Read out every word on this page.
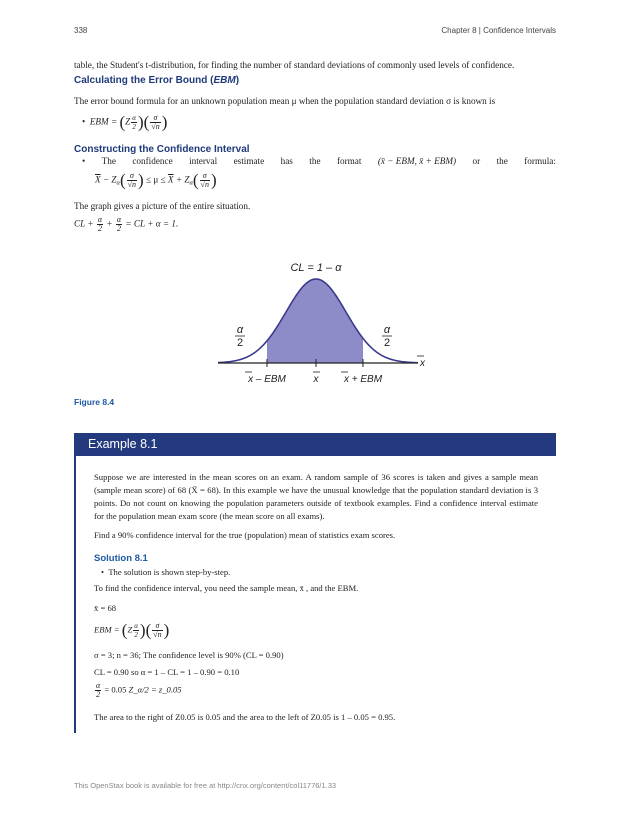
338	Chapter 8 | Confidence Intervals
table, the Student's t-distribution, for finding the number of standard deviations of commonly used levels of confidence.
Calculating the Error Bound (EBM)
The error bound formula for an unknown population mean μ when the population standard deviation σ is known is
•  EBM = ($Z \frac{\alpha}{2}$ )( $\frac{\sigma}{√n}$ )
Constructing the Confidence Interval
• The confidence interval estimate has the format (x̄ − EBM, x̄ + EBM) or the formula:
$\overline{X} - Z_\alpha( \frac{\sigma}{√n}$ ) ≤ $\mu \le \overline{X} + Z_\alpha( \frac{\sigma}{√n}$ )
The graph gives a picture of the entire situation.
CL + $\frac{\alpha}{2} + \frac{\alpha}{2}$ = CL + α = 1.
CL = 1 – α
α
2
α
2
x
x – EBM	x	x + EBM
Figure 8.4
Example 8.1
Suppose we are interested in the mean scores on an exam. A random sample of 36 scores is taken and gives a sample mean (sample mean score) of 68 (X̄ = 68). In this example we have the unusual knowledge that the population standard deviation is 3 points. Do not count on knowing the population parameters outside of textbook examples. Find a confidence interval estimate for the population mean exam score (the mean score on all exams).
Find a 90% confidence interval for the true (population) mean of statistics exam scores.
Solution 8.1
•  The solution is shown step-by-step.
To find the confidence interval, you need the sample mean, x̄ , and the EBM.
x̄ = 68
EBM = ($Z \frac{\alpha}{2}$ )( $\frac{\sigma}{√n}$ )
σ = 3; n = 36; The confidence level is 90% (CL = 0.90)
CL = 0.90 so α = 1 – CL = 1 – 0.90 = 0.10
$\frac{\alpha}{2} = 0.05$ Z_α/2 = z_0.05
The area to the right of Z0.05 is 0.05 and the area to the left of Z0.05 is 1 – 0.05 = 0.95.
This OpenStax book is available for free at http://cnx.org/content/col11776/1.33
